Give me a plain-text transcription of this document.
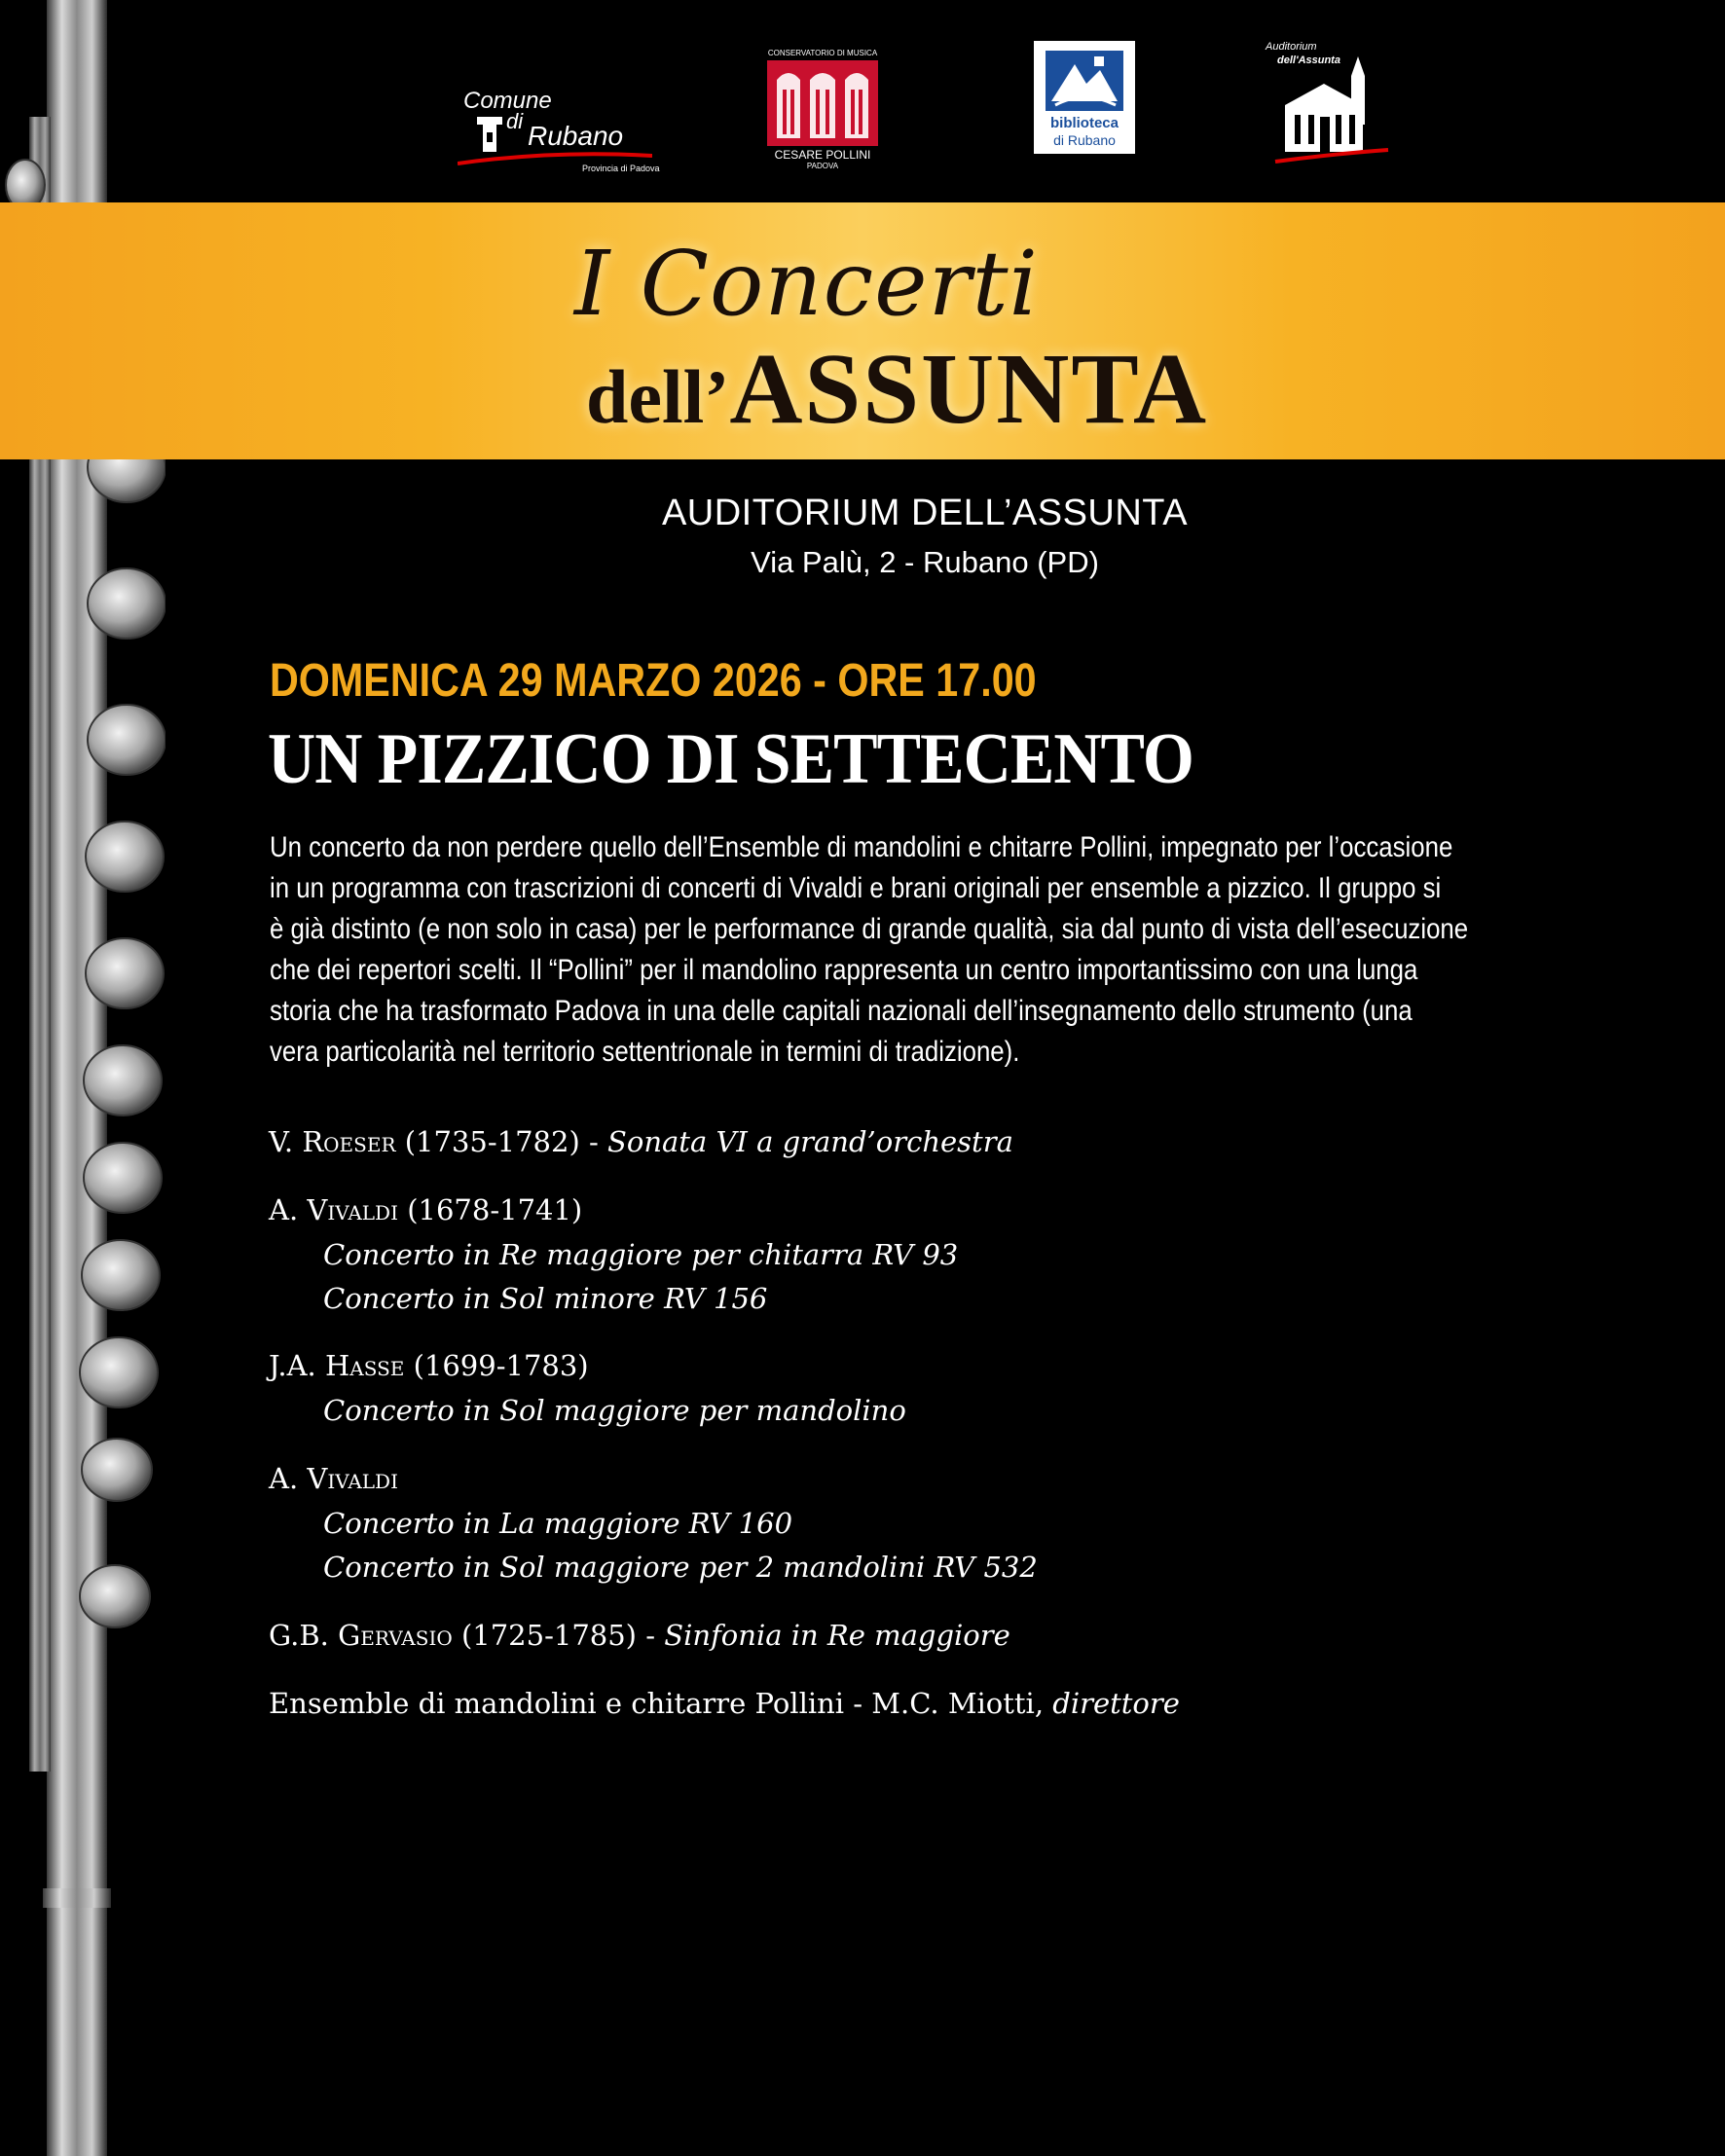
Comune
di Rubano
Provincia di Padova
CONSERVATORIO DI MUSICA
CESARE POLLINI
PADOVA
biblioteca
di Rubano
Auditorium
dell'Assunta
I Concerti
dell’ASSUNTA
AUDITORIUM DELL’ASSUNTA
Via Palù, 2 - Rubano (PD)
DOMENICA 29 MARZO 2026 - ORE 17.00
UN PIZZICO DI SETTECENTO
Un concerto da non perdere quello dell’Ensemble di mandolini e chitarre Pollini, impegnato per l’occasione
in un programma con trascrizioni di concerti di Vivaldi e brani originali per ensemble a pizzico. Il gruppo si
è già distinto (e non solo in casa) per le performance di grande qualità, sia dal punto di vista dell’esecuzione
che dei repertori scelti. Il “Pollini” per il mandolino rappresenta un centro importantissimo con una lunga
storia che ha trasformato Padova in una delle capitali nazionali dell’insegnamento dello strumento (una
vera particolarità nel territorio settentrionale in termini di tradizione).
V. Roeser (1735-1782) - Sonata VI a grand’orchestra
A. Vivaldi (1678-1741)
Concerto in Re maggiore per chitarra RV 93
Concerto in Sol minore RV 156
J.A. Hasse (1699-1783)
Concerto in Sol maggiore per mandolino
A. Vivaldi
Concerto in La maggiore RV 160
Concerto in Sol maggiore per 2 mandolini RV 532
G.B. Gervasio (1725-1785) - Sinfonia in Re maggiore
Ensemble di mandolini e chitarre Pollini - M.C. Miotti, direttore
